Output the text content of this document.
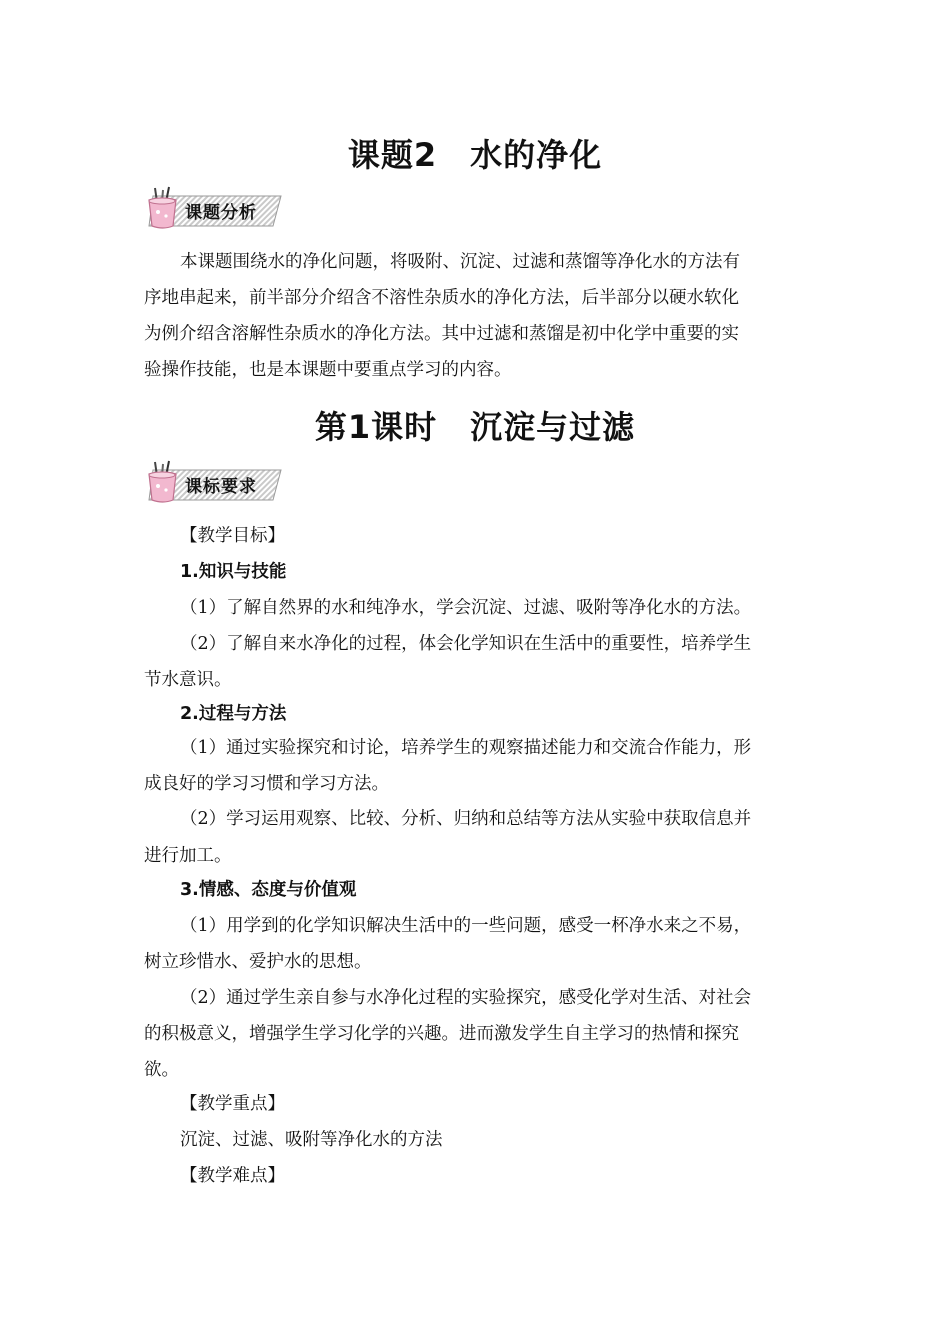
课题2　水的净化
课题分析

本课题围绕水的净化问题，将吸附、沉淀、过滤和蒸馏等净化水的方法有

序地串起来，前半部分介绍含不溶性杂质水的净化方法，后半部分以硬水软化

为例介绍含溶解性杂质水的净化方法。其中过滤和蒸馏是初中化学中重要的实

验操作技能，也是本课题中要重点学习的内容。

第1课时　沉淀与过滤
课标要求

【教学目标】

1.知识与技能

（1）了解自然界的水和纯净水，学会沉淀、过滤、吸附等净化水的方法。

（2）了解自来水净化的过程，体会化学知识在生活中的重要性，培养学生

节水意识。

2.过程与方法

（1）通过实验探究和讨论，培养学生的观察描述能力和交流合作能力，形

成良好的学习习惯和学习方法。

（2）学习运用观察、比较、分析、归纳和总结等方法从实验中获取信息并

进行加工。

3.情感、态度与价值观

（1）用学到的化学知识解决生活中的一些问题，感受一杯净水来之不易，

树立珍惜水、爱护水的思想。

（2）通过学生亲自参与水净化过程的实验探究，感受化学对生活、对社会

的积极意义，增强学生学习化学的兴趣。进而激发学生自主学习的热情和探究

欲。

【教学重点】

沉淀、过滤、吸附等净化水的方法

【教学难点】
